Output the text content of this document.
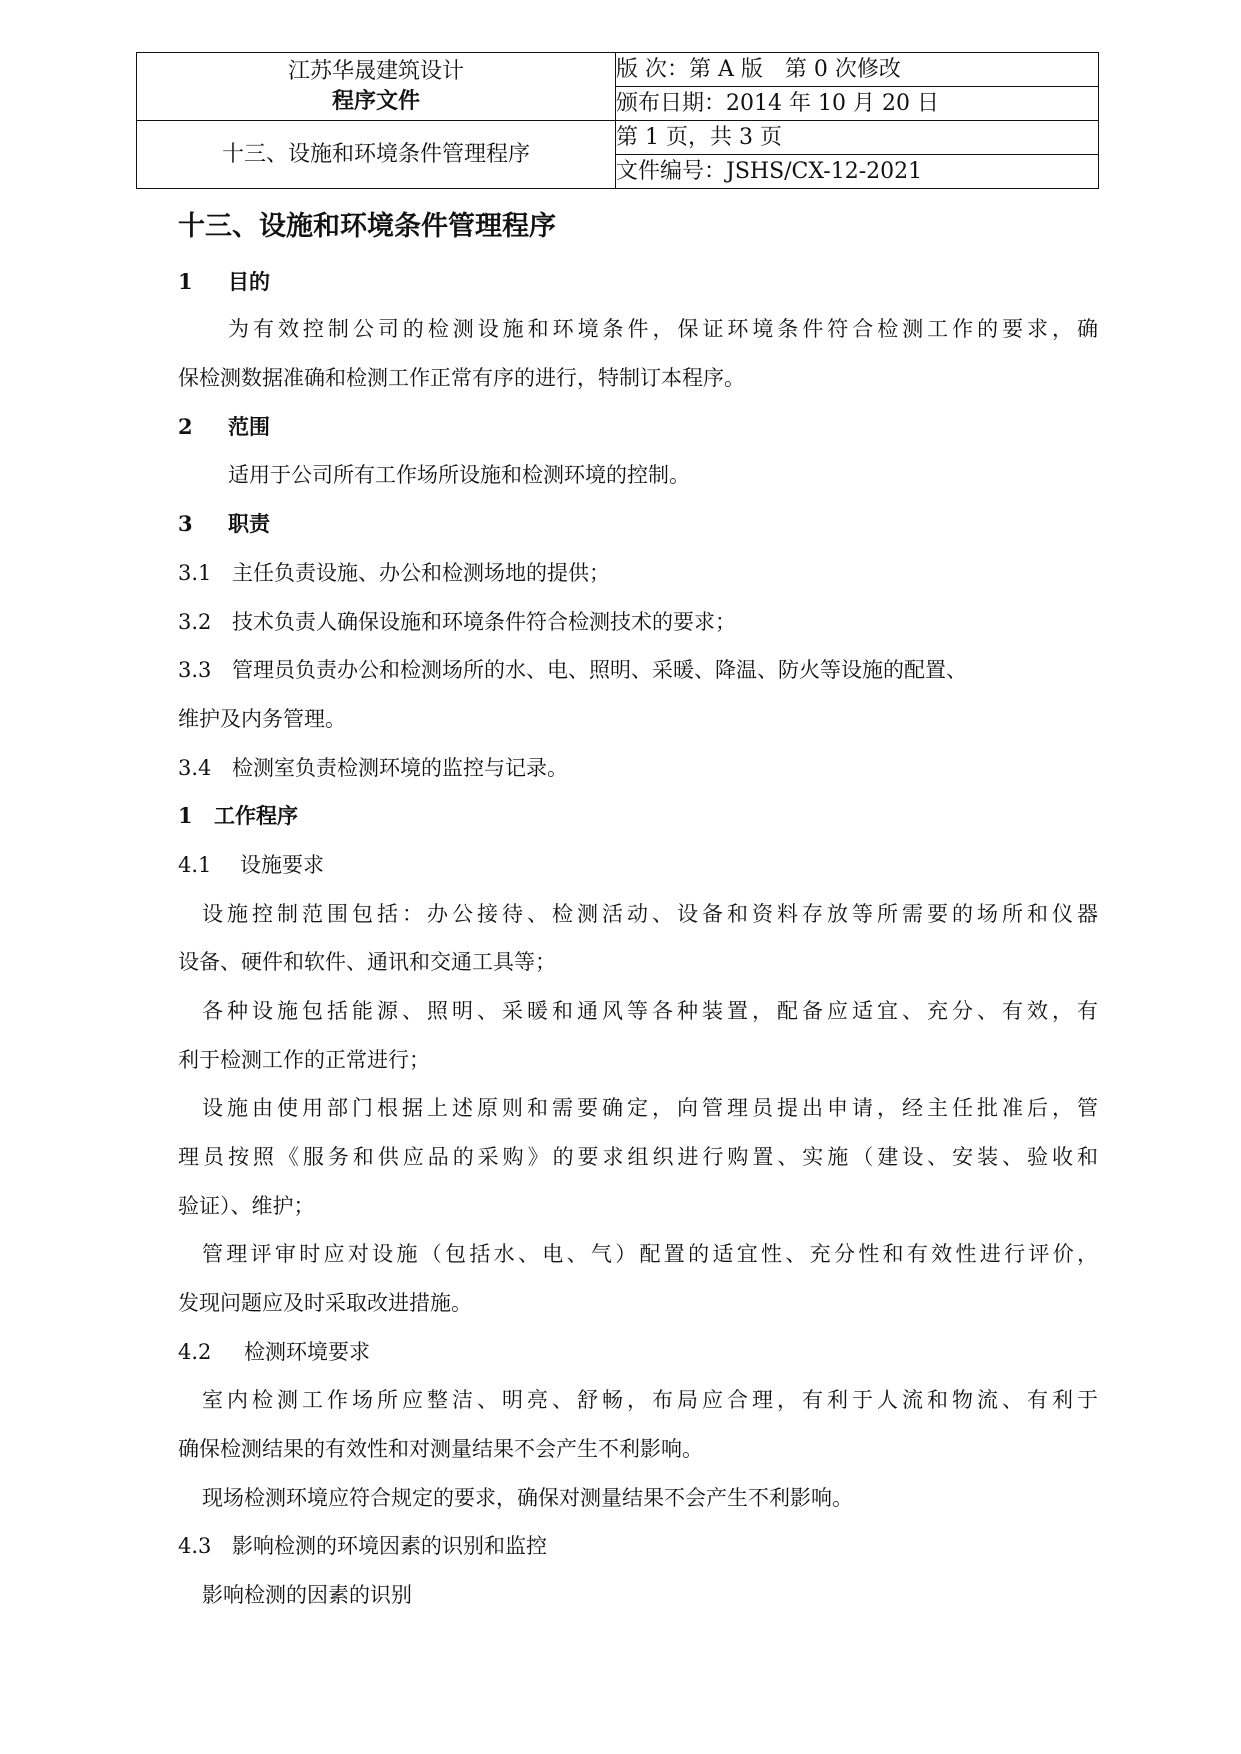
江苏华晟建筑设计
程序文件	版 次：第 A 版　第 0 次修改
	颁布日期：2014 年 10 月 20 日
十三、设施和环境条件管理程序	第 1 页，共 3 页
	文件编号：JSHS/CX-12-2021
十三、设施和环境条件管理程序

1 目的

为有效控制公司的检测设施和环境条件，保证环境条件符合检测工作的要求，确

保检测数据准确和检测工作正常有序的进行，特制订本程序。

2 范围

适用于公司所有工作场所设施和检测环境的控制。

3 职责

3.1 主任负责设施、办公和检测场地的提供；

3.2 技术负责人确保设施和环境条件符合检测技术的要求；

3.3 管理员负责办公和检测场所的水、电、照明、采暖、降温、防火等设施的配置、

维护及内务管理。

3.4 检测室负责检测环境的监控与记录。

1 工作程序

4.1 设施要求

设施控制范围包括：办公接待、检测活动、设备和资料存放等所需要的场所和仪器

设备、硬件和软件、通讯和交通工具等；

各种设施包括能源、照明、采暖和通风等各种装置，配备应适宜、充分、有效，有

利于检测工作的正常进行；

设施由使用部门根据上述原则和需要确定，向管理员提出申请，经主任批准后，管

理员按照《服务和供应品的采购》的要求组织进行购置、实施（建设、安装、验收和

验证）、维护；

管理评审时应对设施（包括水、电、气）配置的适宜性、充分性和有效性进行评价，

发现问题应及时采取改进措施。

4.2 检测环境要求

室内检测工作场所应整洁、明亮、舒畅，布局应合理，有利于人流和物流、有利于

确保检测结果的有效性和对测量结果不会产生不利影响。

现场检测环境应符合规定的要求，确保对测量结果不会产生不利影响。

4.3 影响检测的环境因素的识别和监控

影响检测的因素的识别
